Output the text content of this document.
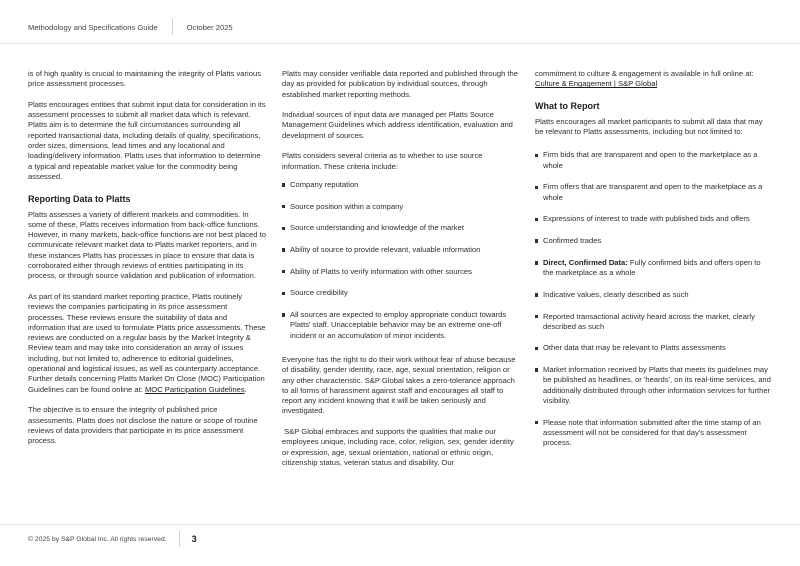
Methodology and Specifications Guide	October 2025

is of high quality is crucial to maintaining the integrity of Platts various price assessment processes.

Platts encourages entities that submit input data for consideration in its assessment processes to submit all market data which is relevant. Platts aim is to determine the full circumstances surrounding all reported transactional data, including details of quality, specifications, order sizes, dimensions, lead times and any locational and loading/delivery information. Platts uses that information to determine a typical and repeatable market value for the commodity being assessed.

Reporting Data to Platts

Platts assesses a variety of different markets and commodities. In some of these, Platts receives information from back-office functions. However, in many markets, back-office functions are not best placed to communicate relevant market data to Platts market reporters, and in these instances Platts has processes in place to ensure that data is corroborated either through reviews of entities participating in its process, or through source validation and publication of information.

As part of its standard market reporting practice, Platts routinely reviews the companies participating in its price assessment processes. These reviews ensure the suitability of data and information that are used to formulate Platts price assessments. These reviews are conducted on a regular basis by the Market Integrity & Review team and may take into consideration an array of issues including, but not limited to, adherence to editorial guidelines, operational and logistical issues, as well as counterparty acceptance. Further details concerning Platts Market On Close (MOC) Participation Guidelines can be found online at: MOC Participation Guidelines.

The objective is to ensure the integrity of published price assessments. Platts does not disclose the nature or scope of routine reviews of data providers that participate in its price assessment process.

Platts may consider verifiable data reported and published through the day as provided for publication by individual sources, through established market reporting methods.

Individual sources of input data are managed per Platts Source Management Guidelines which address identification, evaluation and development of sources.

Platts considers several criteria as to whether to use source information. These criteria include:

Company reputation
Source position within a company
Source understanding and knowledge of the market
Ability of source to provide relevant, valuable information
Ability of Platts to verify information with other sources
Source credibility
All sources are expected to employ appropriate conduct towards Platts' staff. Unacceptable behavior may be an extreme one-off incident or an accumulation of minor incidents.

Everyone has the right to do their work without fear of abuse because of disability, gender identity, race, age, sexual orientation, religion or any other characteristic. S&P Global takes a zero-tolerance approach to all forms of harassment against staff and encourages all staff to report any incident knowing that it will be taken seriously and investigated.

S&P Global embraces and supports the qualities that make our employees unique, including race, color, religion, sex, gender identity or expression, age, sexual orientation, national or ethnic origin, citizenship status, veteran status and disability. Our

commitment to culture & engagement is available in full online at: Culture & Engagement | S&P Global

What to Report

Platts encourages all market participants to submit all data that may be relevant to Platts assessments, including but not limited to:

Firm bids that are transparent and open to the marketplace as a whole
Firm offers that are transparent and open to the marketplace as a whole
Expressions of interest to trade with published bids and offers
Confirmed trades
Direct, Confirmed Data: Fully confirmed bids and offers open to the marketplace as a whole
Indicative values, clearly described as such
Reported transactional activity heard across the market, clearly described as such
Other data that may be relevant to Platts assessments
Market information received by Platts that meets its guidelines may be published as headlines, or 'heards', on its real-time services, and additionally distributed through other information services for further visibility.
Please note that information submitted after the time stamp of an assessment will not be considered for that day's assessment process.
© 2025 by S&P Global Inc. All rights reserved.	3
